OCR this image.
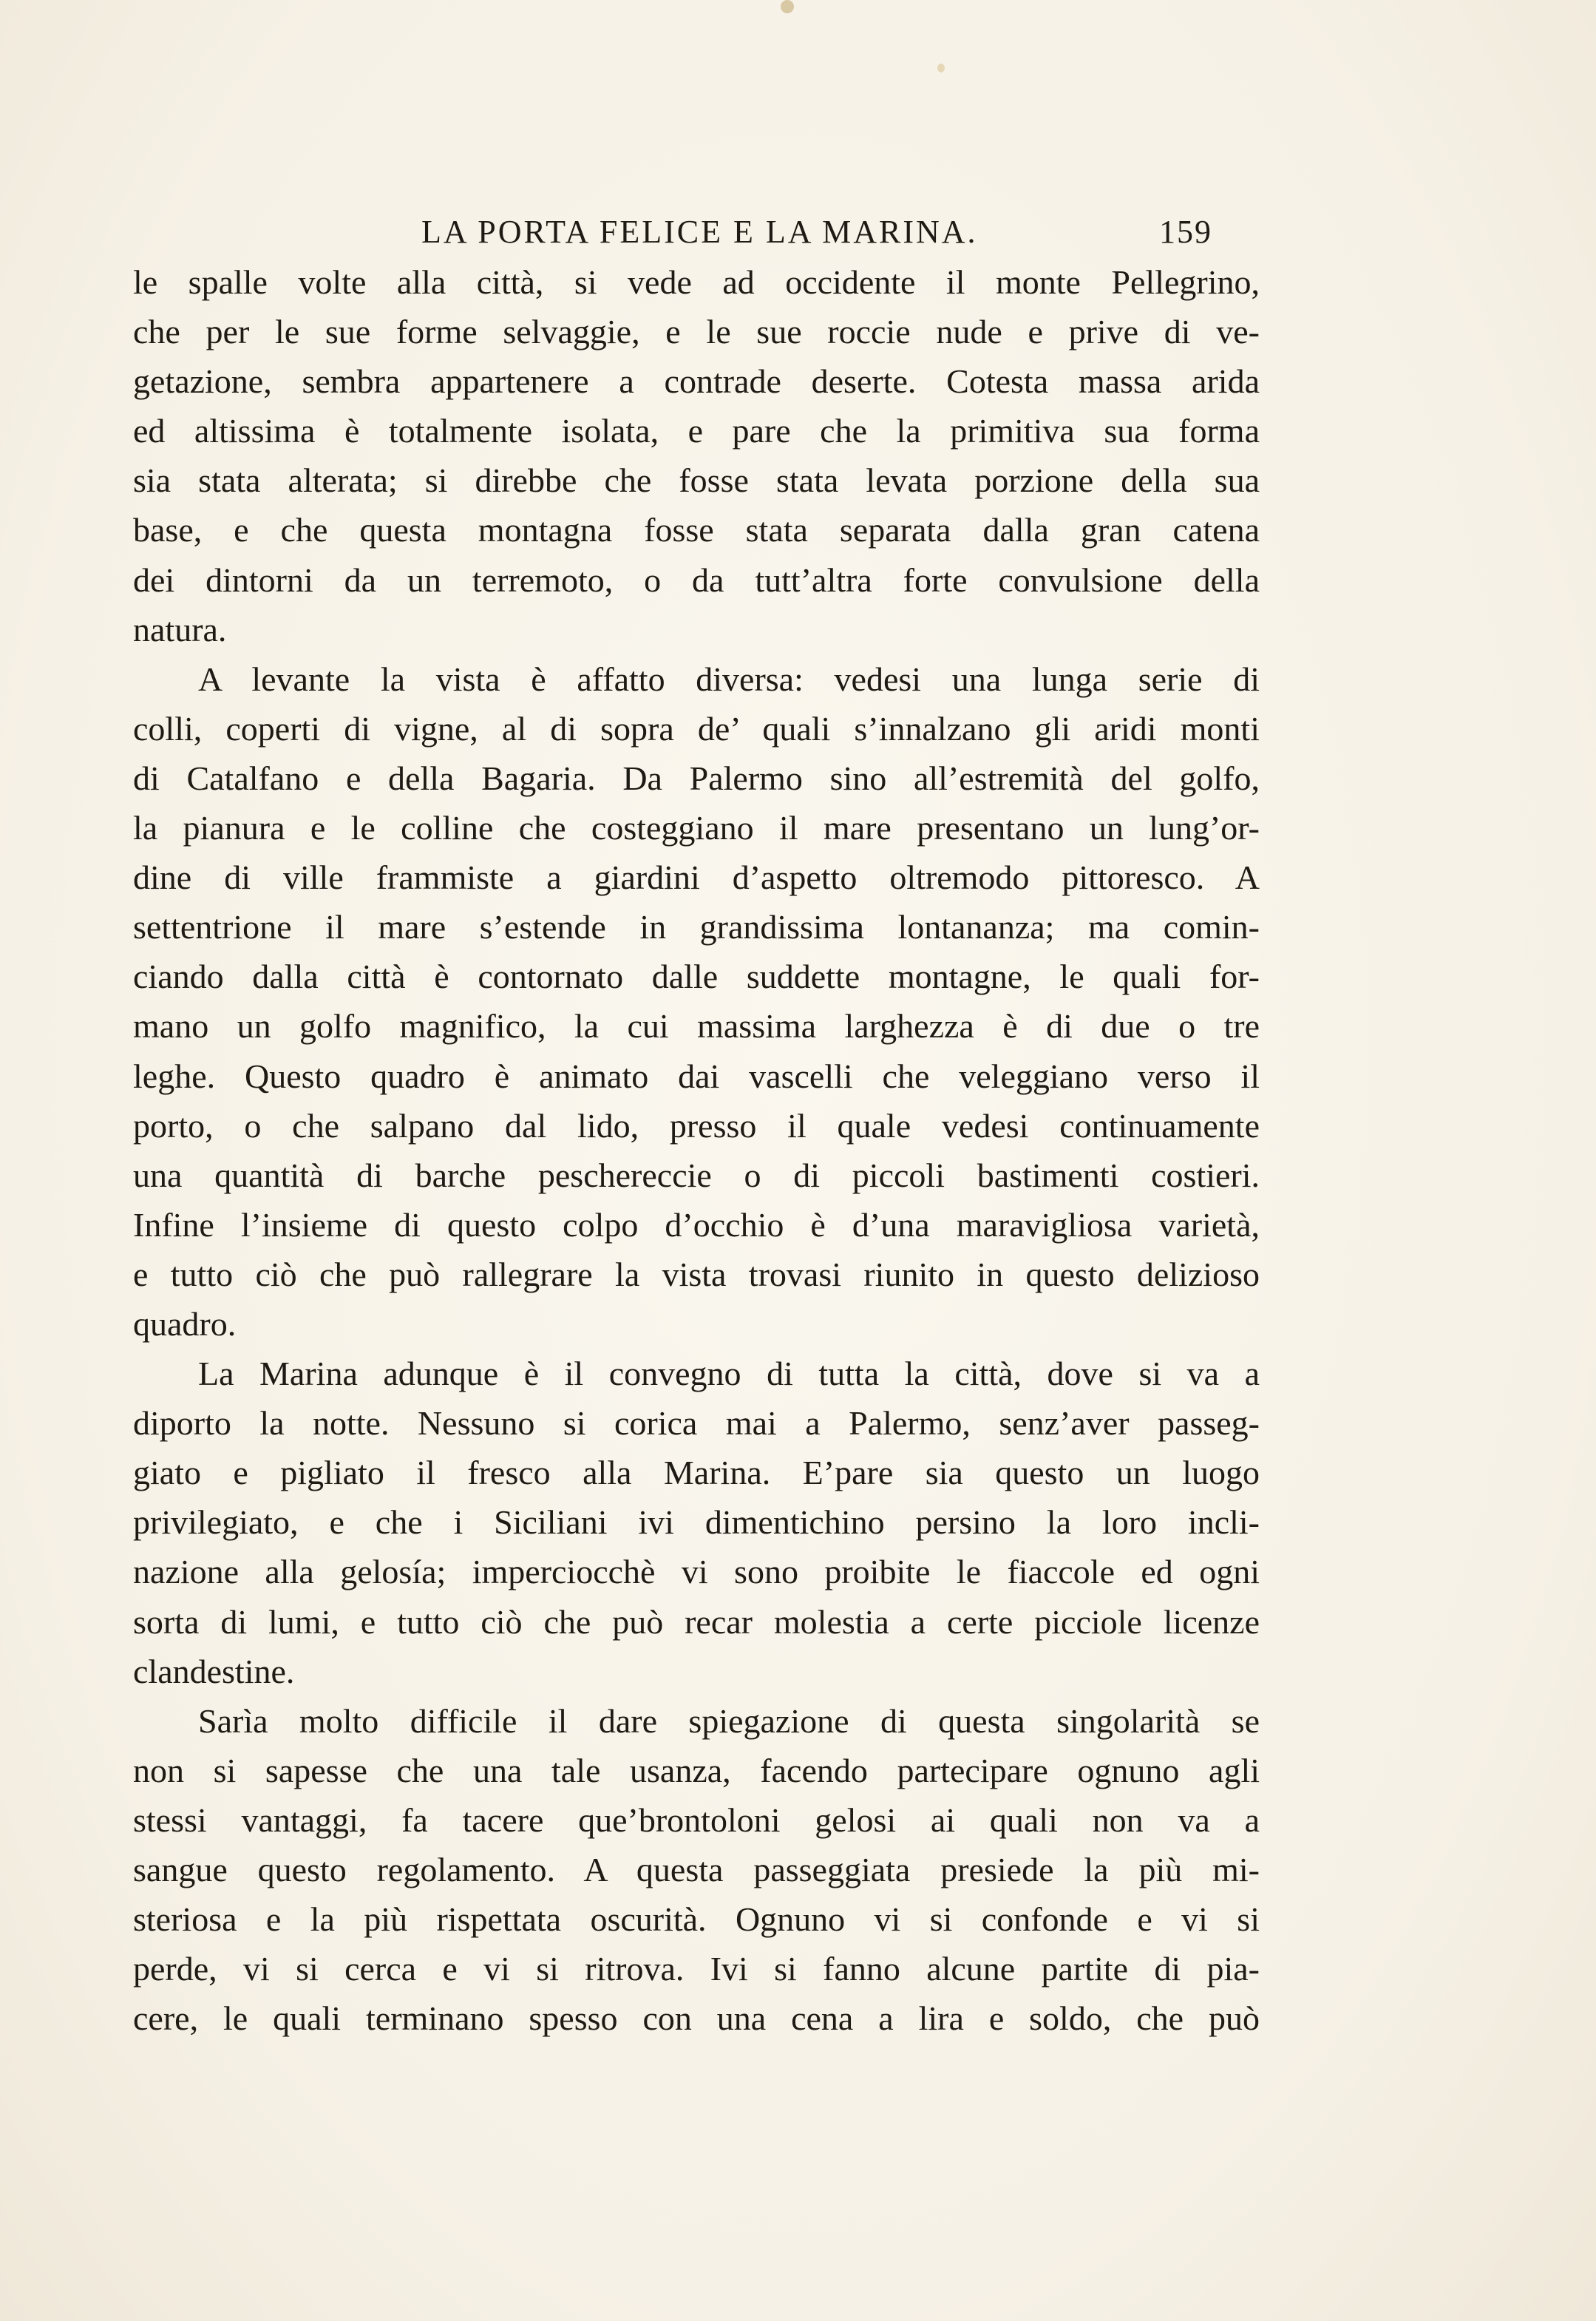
LA PORTA FELICE E LA MARINA.	159
le spalle volte alla città, si vede ad occidente il monte Pellegrino,
che per le sue forme selvaggie, e le sue roccie nude e prive di ve-
getazione, sembra appartenere a contrade deserte. Cotesta massa arida
ed altissima è totalmente isolata, e pare che la primitiva sua forma
sia stata alterata; si direbbe che fosse stata levata porzione della sua
base, e che questa montagna fosse stata separata dalla gran catena
dei dintorni da un terremoto, o da tutt’altra forte convulsione della
natura.
A levante la vista è affatto diversa: vedesi una lunga serie di
colli, coperti di vigne, al di sopra de’ quali s’innalzano gli aridi monti
di Catalfano e della Bagaria. Da Palermo sino all’estremità del golfo,
la pianura e le colline che costeggiano il mare presentano un lung’or-
dine di ville frammiste a giardini d’aspetto oltremodo pittoresco. A
settentrione il mare s’estende in grandissima lontananza; ma comin-
ciando dalla città è contornato dalle suddette montagne, le quali for-
mano un golfo magnifico, la cui massima larghezza è di due o tre
leghe. Questo quadro è animato dai vascelli che veleggiano verso il
porto, o che salpano dal lido, presso il quale vedesi continuamente
una quantità di barche pescherеccie o di piccoli bastimenti costieri.
Infine l’insieme di questo colpo d’occhio è d’una maravigliosa varietà,
e tutto ciò che può rallegrare la vista trovasi riunito in questo delizioso
quadro.
La Marina adunque è il convegno di tutta la città, dove si va a
diporto la notte. Nessuno si corica mai a Palermo, senz’aver passeg-
giato e pigliato il fresco alla Marina. E’pare sia questo un luogo
privilegiato, e che i Siciliani ivi dimentichino persino la loro incli-
nazione alla gelosía; imperciocchè vi sono proibite le fiaccole ed ogni
sorta di lumi, e tutto ciò che può recar molestia a certe picciole licenze
clandestine.
Sarìa molto difficile il dare spiegazione di questa singolarità se
non si sapesse che una tale usanza, facendo partecipare ognuno agli
stessi vantaggi, fa tacere que’brontoloni gelosi ai quali non va a
sangue questo regolamento. A questa passeggiata presiede la più mi-
steriosa e la più rispettata oscurità. Ognuno vi si confonde e vi si
perde, vi si cerca e vi si ritrova. Ivi si fanno alcune partite di pia-
cere, le quali terminano spesso con una cena a lira e soldo, che può
